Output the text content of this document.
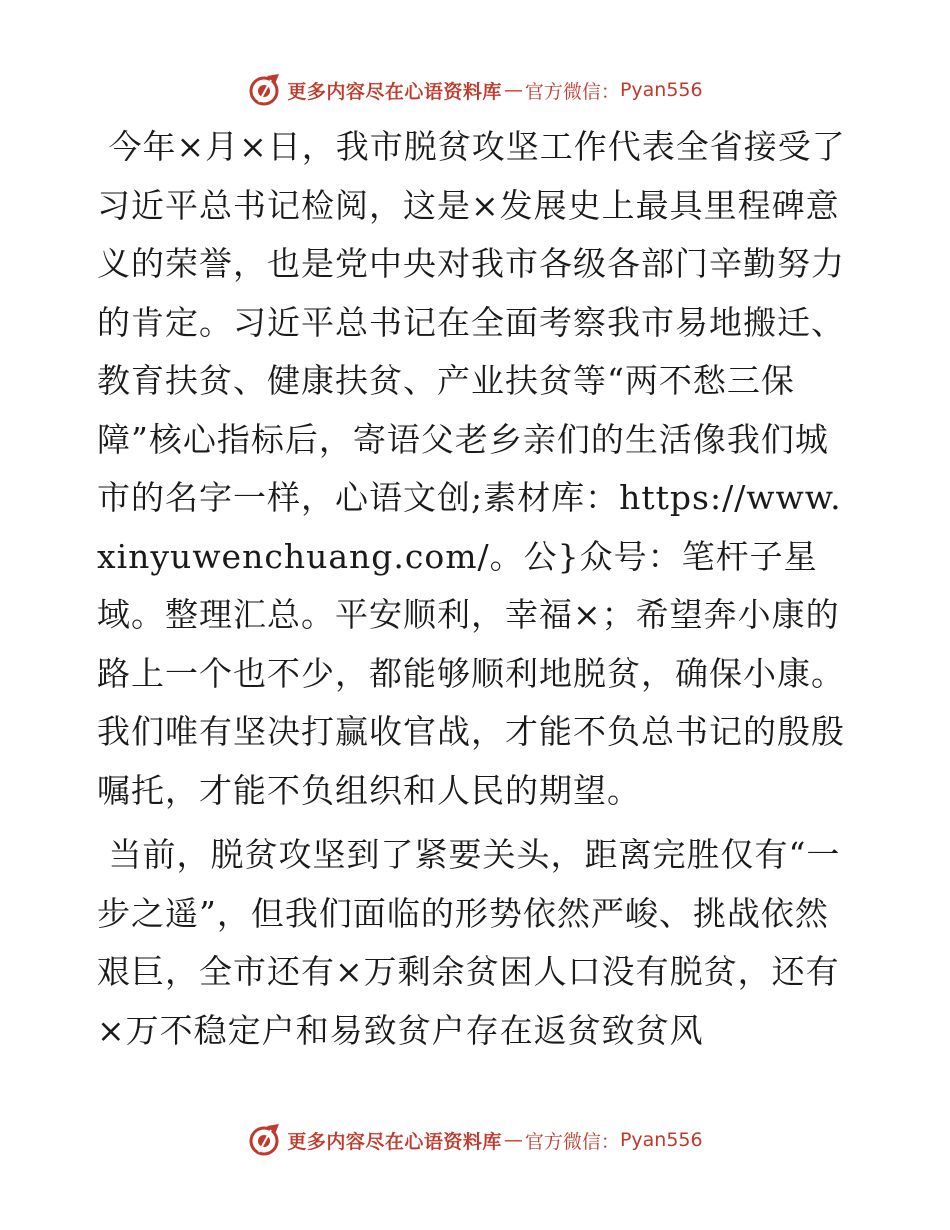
更多内容尽在心语资料库 — 官方微信： Pyan556

今年×月×日，我市脱贫攻坚工作代表全省接受了习近平总书记检阅，这是×发展史上最具里程碑意义的荣誉，也是党中央对我市各级各部门辛勤努力的肯定。习近平总书记在全面考察我市易地搬迁、教育扶贫、健康扶贫、产业扶贫等“两不愁三保障”核心指标后，寄语父老乡亲们的生活像我们城市的名字一样，心语文创;素材库：https://www.xinyuwenchuang.com/。公}众号：笔杆子星域。整理汇总。平安顺利，幸福×；希望奔小康的路上一个也不少，都能够顺利地脱贫，确保小康。我们唯有坚决打赢收官战，才能不负总书记的殷殷嘱托，才能不负组织和人民的期望。

当前，脱贫攻坚到了紧要关头，距离完胜仅有“一步之遥”，但我们面临的形势依然严峻、挑战依然艰巨，全市还有×万剩余贫困人口没有脱贫，还有×万不稳定户和易致贫户存在返贫致贫风

更多内容尽在心语资料库 — 官方微信： Pyan556
